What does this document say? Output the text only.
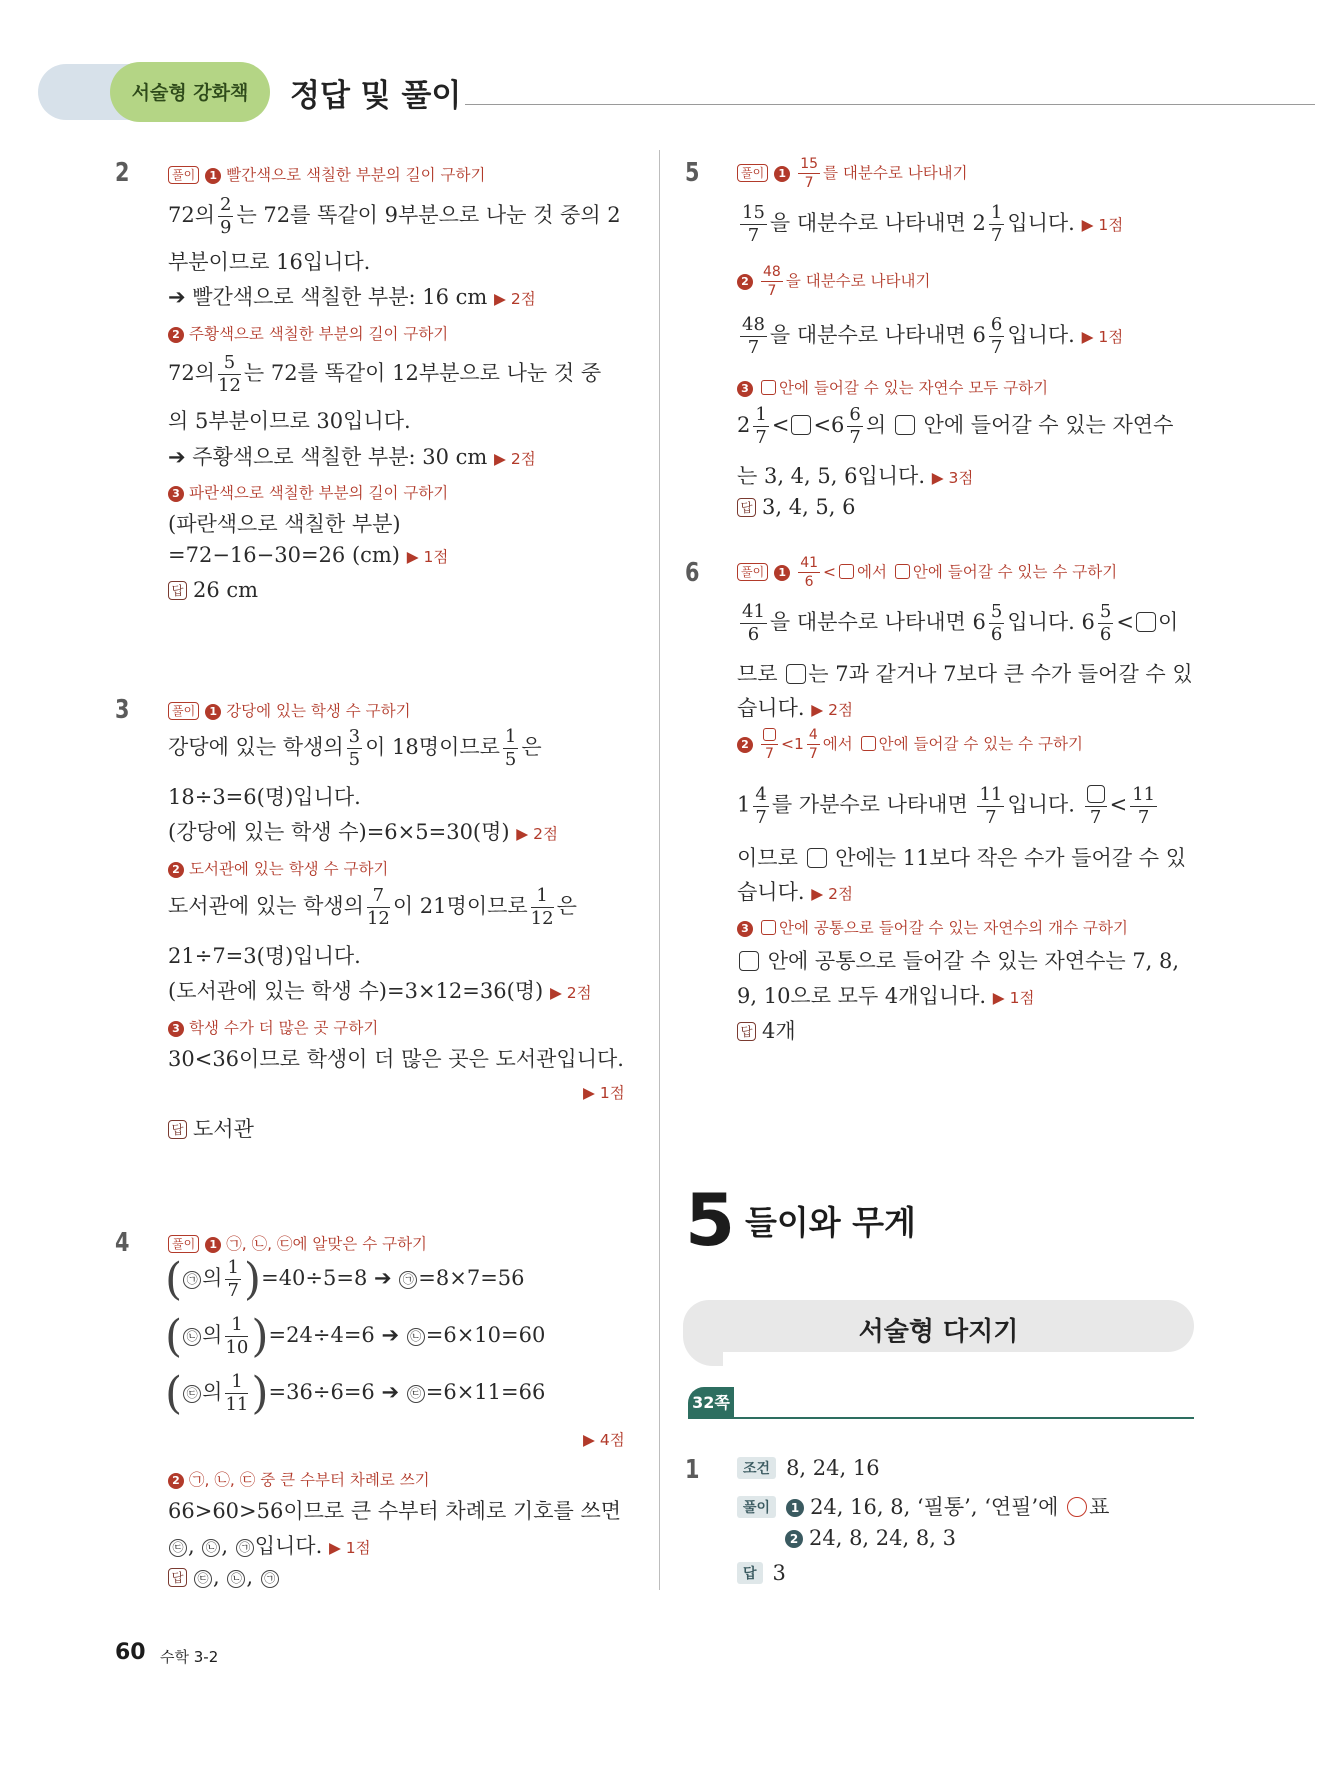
서술형 강화책	정답 및 풀이
2	풀이 1 빨간색으로 색칠한 부분의 길이 구하기
72의 $\frac{2}{9}$ 는 72를 똑같이 9부분으로 나눈 것 중의 2
부분이므로 16입니다.
➔ 빨간색으로 색칠한 부분: 16 cm ▶ 2점
2 주황색으로 색칠한 부분의 길이 구하기
72의 $\frac{5}{12}$ 는 72를 똑같이 12부분으로 나눈 것 중
의 5부분이므로 30입니다.
➔ 주황색으로 색칠한 부분: 30 cm ▶ 2점
3 파란색으로 색칠한 부분의 길이 구하기
(파란색으로 색칠한 부분)
=72−16−30=26 (cm) ▶ 1점
답 26 cm
3	풀이 1 강당에 있는 학생 수 구하기
강당에 있는 학생의 $\frac{3}{5}$ 이 18명이므로 $\frac{1}{5}$ 은
18÷3=6(명)입니다.
(강당에 있는 학생 수)=6×5=30(명) ▶ 2점
2 도서관에 있는 학생 수 구하기
도서관에 있는 학생의 $\frac{7}{12}$ 이 21명이므로 $\frac{1}{12}$ 은
21÷7=3(명)입니다.
(도서관에 있는 학생 수)=3×12=36(명) ▶ 2점
3 학생 수가 더 많은 곳 구하기
30<36이므로 학생이 더 많은 곳은 도서관입니다.
▶ 1점
답 도서관
4	풀이 1 ㉠, ㉡, ㉢에 알맞은 수 구하기
( ㉠ 의 $\frac{1}{7} )=40\div 5=8$ ➔ ㉠ =8×7=56
( ㉡ 의 $\frac{1}{10} )=24\div 4=6$ ➔ ㉡ =6×10=60
( ㉢ 의 $\frac{1}{11} )=36\div 6=6$ ➔ ㉢ =6×11=66
▶ 4점
2 ㉠, ㉡, ㉢ 중 큰 수부터 차례로 쓰기
66>60>56이므로 큰 수부터 차례로 기호를 쓰면
㉢ , ㉡ , ㉠ 입니다. ▶ 1점
답 ㉢ , ㉡ , ㉠
5	풀이 $1 \frac{15}{7}$ 를 대분수로 나타내기
$\frac{15}{7}$ 을 대분수로 나타내면 $2 \frac{1}{7}$ 입니다. ▶ 1점
$2 \frac{48}{7}$ 을 대분수로 나타내기
$\frac{48}{7}$ 을 대분수로 나타내면 $6 \frac{6}{7}$ 입니다. ▶ 1점
3 안에 들어갈 수 있는 자연수 모두 구하기
$2 \frac{1}{7} < <6 \frac{6}{7}$ 의 안에 들어갈 수 있는 자연수
는 3, 4, 5, 6입니다. ▶ 3점
답 3, 4, 5, 6
6	풀이 $1 \frac{41}{6}$ < 에서 안에 들어갈 수 있는 수 구하기
$\frac{41}{6}$ 을 대분수로 나타내면 $6 \frac{5}{6}$ 입니다. $6 \frac{5}{6}$ < 이
므로 는 7과 같거나 7보다 큰 수가 들어갈 수 있
습니다. ▶ 2점
2
7
$<1 \frac{4}{7}$ 에서 안에 들어갈 수 있는 수 구하기
$1 \frac{4}{7}$ 를 가분수로 나타내면 $\frac{11}{7}$ 입니다.
7
< $\frac{11}{7}$
이므로 안에는 11보다 작은 수가 들어갈 수 있
습니다. ▶ 2점
3 안에 공통으로 들어갈 수 있는 자연수의 개수 구하기
안에 공통으로 들어갈 수 있는 자연수는 7, 8,
9, 10으로 모두 4개입니다. ▶ 1점
답 4개
5 들이와 무게
서술형 다지기
32쪽
1	조건 8, 24, 16
풀이 1 24, 16, 8, ‘필통’, ‘연필’에 표
2 24, 8, 24, 8, 3
답 3
60 수학 3-2
